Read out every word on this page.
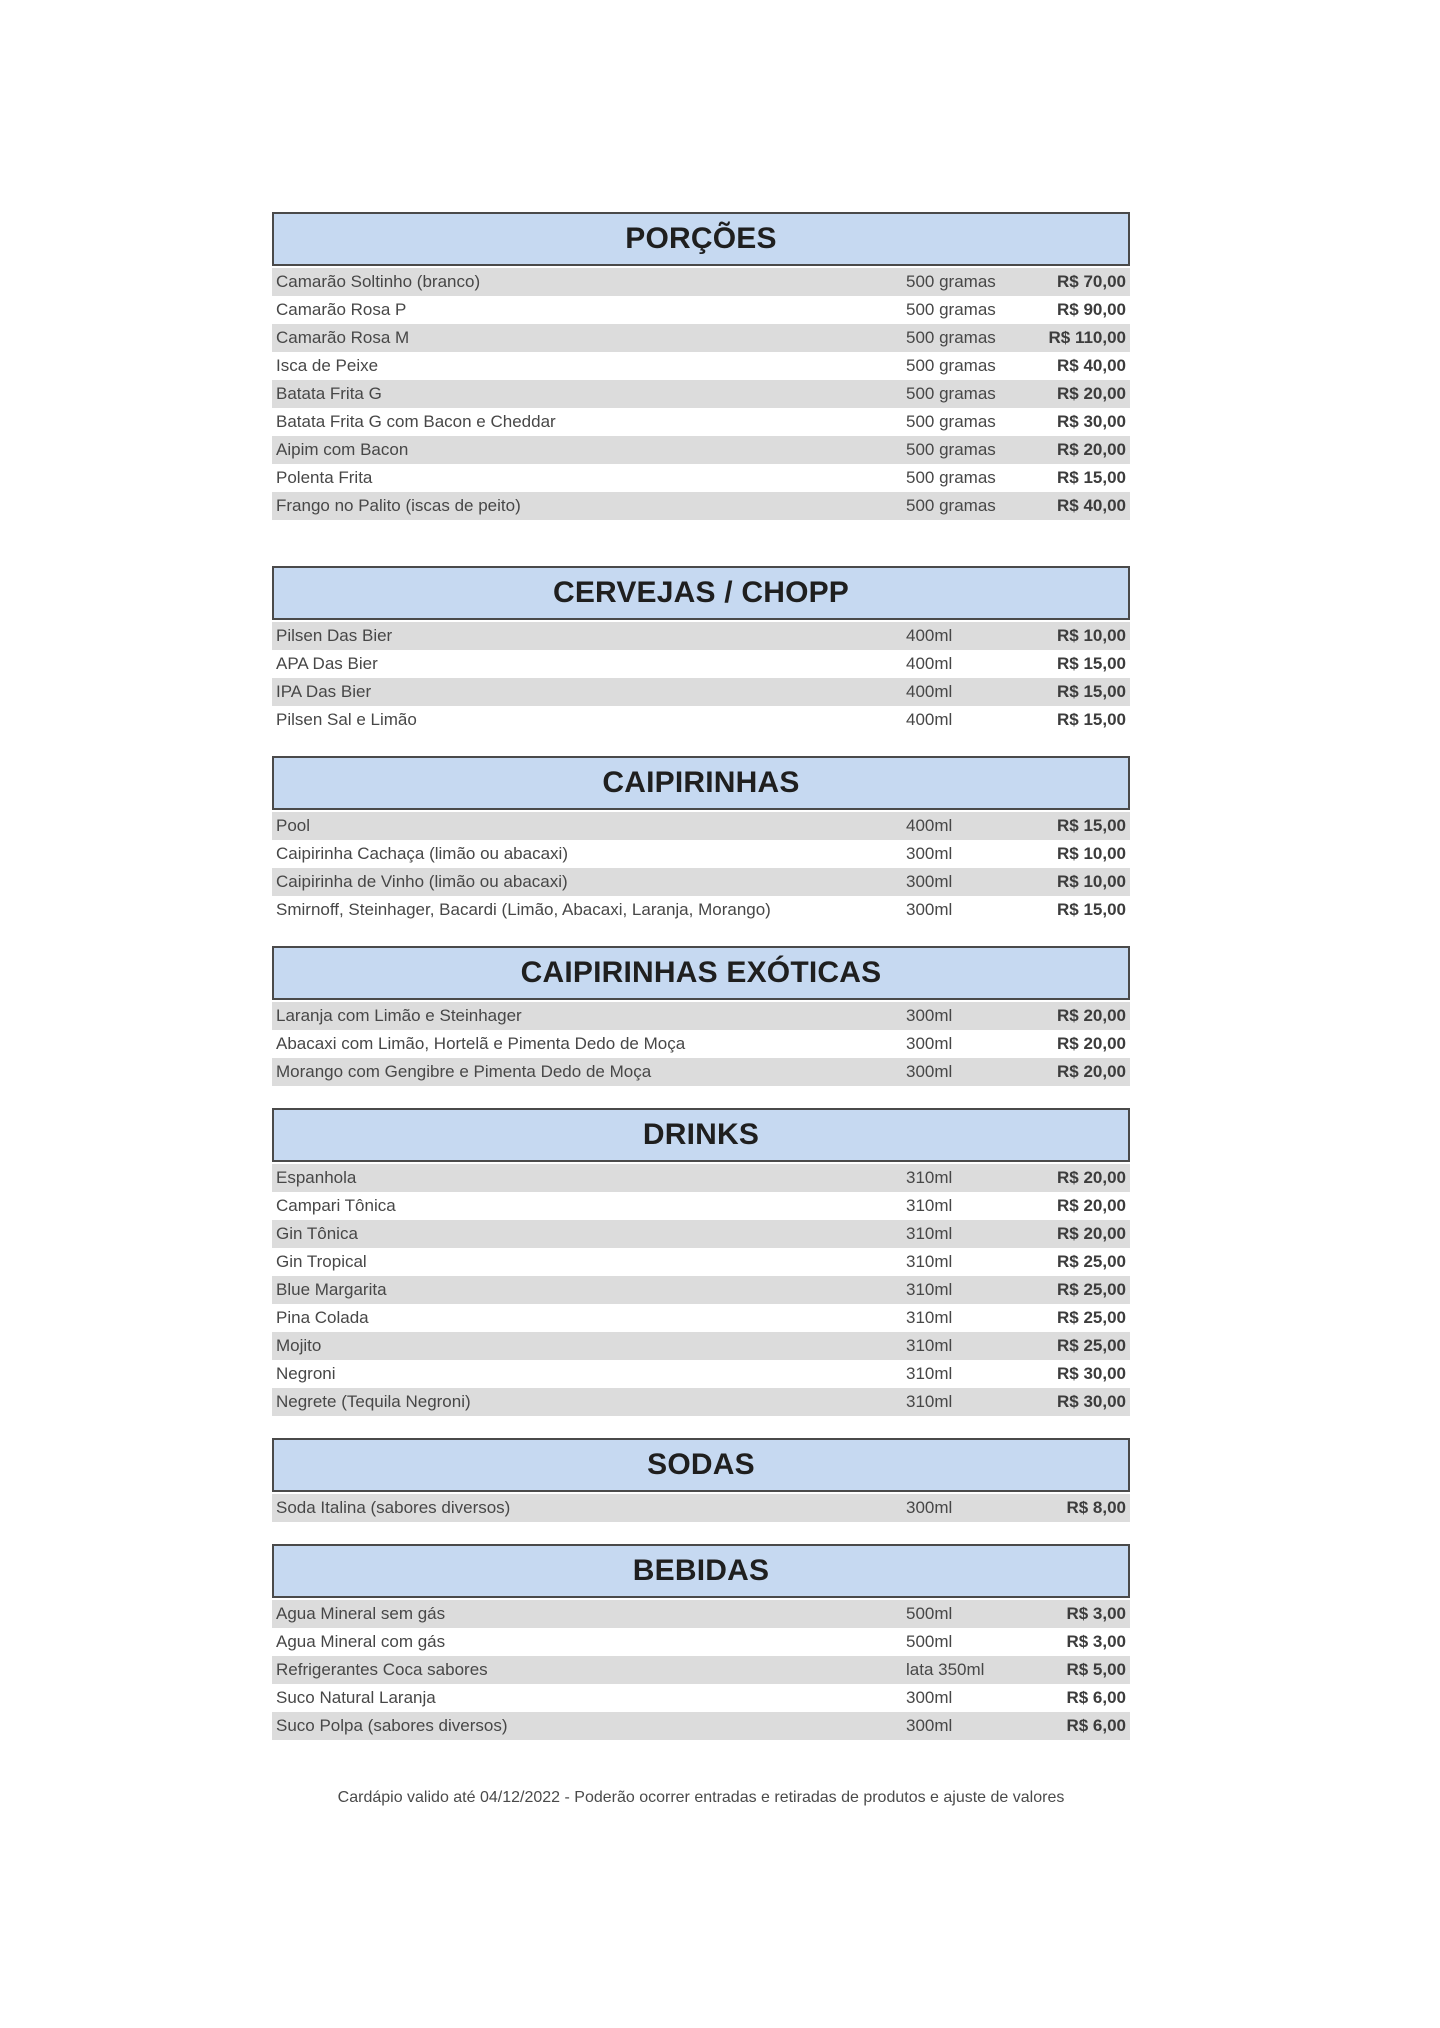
PORÇÕES
Camarão Soltinho (branco)	500 gramas	R$ 70,00
Camarão Rosa P	500 gramas	R$ 90,00
Camarão Rosa M	500 gramas	R$ 110,00
Isca de Peixe	500 gramas	R$ 40,00
Batata Frita G	500 gramas	R$ 20,00
Batata Frita G com Bacon e Cheddar	500 gramas	R$ 30,00
Aipim com Bacon	500 gramas	R$ 20,00
Polenta Frita	500 gramas	R$ 15,00
Frango no Palito (iscas de peito)	500 gramas	R$ 40,00
CERVEJAS / CHOPP
Pilsen Das Bier	400ml	R$ 10,00
APA Das Bier	400ml	R$ 15,00
IPA Das Bier	400ml	R$ 15,00
Pilsen Sal e Limão	400ml	R$ 15,00
CAIPIRINHAS
Pool	400ml	R$ 15,00
Caipirinha Cachaça (limão ou abacaxi)	300ml	R$ 10,00
Caipirinha de Vinho (limão ou abacaxi)	300ml	R$ 10,00
Smirnoff, Steinhager, Bacardi (Limão, Abacaxi, Laranja, Morango)	300ml	R$ 15,00
CAIPIRINHAS EXÓTICAS
Laranja com Limão e Steinhager	300ml	R$ 20,00
Abacaxi com Limão, Hortelã e Pimenta Dedo de Moça	300ml	R$ 20,00
Morango com Gengibre e Pimenta Dedo de Moça	300ml	R$ 20,00
DRINKS
Espanhola	310ml	R$ 20,00
Campari Tônica	310ml	R$ 20,00
Gin Tônica	310ml	R$ 20,00
Gin Tropical	310ml	R$ 25,00
Blue Margarita	310ml	R$ 25,00
Pina Colada	310ml	R$ 25,00
Mojito	310ml	R$ 25,00
Negroni	310ml	R$ 30,00
Negrete (Tequila Negroni)	310ml	R$ 30,00
SODAS
Soda Italina (sabores diversos)	300ml	R$ 8,00
BEBIDAS
Agua Mineral sem gás	500ml	R$ 3,00
Agua Mineral com gás	500ml	R$ 3,00
Refrigerantes Coca sabores	lata 350ml	R$ 5,00
Suco Natural Laranja	300ml	R$ 6,00
Suco Polpa (sabores diversos)	300ml	R$ 6,00
Cardápio valido até 04/12/2022 - Poderão ocorrer entradas e retiradas de produtos e ajuste de valores
